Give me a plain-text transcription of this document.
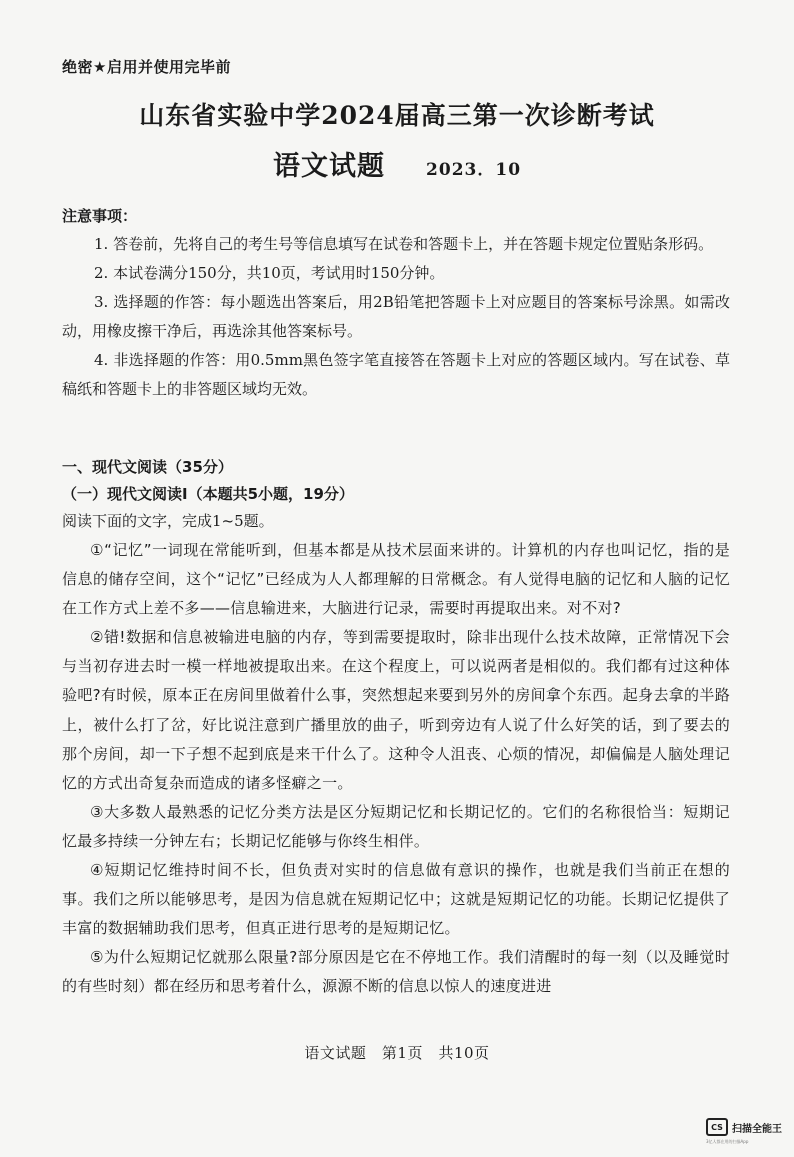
绝密★启用并使用完毕前
山东省实验中学2024届高三第一次诊断考试
语文试题 2023．10
注意事项：

1. 答卷前，先将自己的考生号等信息填写在试卷和答题卡上，并在答题卡规定位置贴条形码。

2. 本试卷满分150分，共10页，考试用时150分钟。

3. 选择题的作答：每小题选出答案后，用2B铅笔把答题卡上对应题目的答案标号涂黑。如需改动，用橡皮擦干净后，再选涂其他答案标号。

4. 非选择题的作答：用0.5mm黑色签字笔直接答在答题卡上对应的答题区域内。写在试卷、草稿纸和答题卡上的非答题区域均无效。

一、现代文阅读（35分）
（一）现代文阅读Ⅰ（本题共5小题，19分）
阅读下面的文字，完成1~5题。

①“记忆”一词现在常能听到，但基本都是从技术层面来讲的。计算机的内存也叫记忆，指的是信息的储存空间，这个“记忆”已经成为人人都理解的日常概念。有人觉得电脑的记忆和人脑的记忆在工作方式上差不多——信息输进来，大脑进行记录，需要时再提取出来。对不对?

②错!数据和信息被输进电脑的内存，等到需要提取时，除非出现什么技术故障，正常情况下会与当初存进去时一模一样地被提取出来。在这个程度上，可以说两者是相似的。我们都有过这种体验吧?有时候，原本正在房间里做着什么事，突然想起来要到另外的房间拿个东西。起身去拿的半路上，被什么打了岔，好比说注意到广播里放的曲子，听到旁边有人说了什么好笑的话，到了要去的那个房间，却一下子想不起到底是来干什么了。这种令人沮丧、心烦的情况，却偏偏是人脑处理记忆的方式出奇复杂而造成的诸多怪癖之一。

③大多数人最熟悉的记忆分类方法是区分短期记忆和长期记忆的。它们的名称很恰当：短期记忆最多持续一分钟左右；长期记忆能够与你终生相伴。

④短期记忆维持时间不长，但负责对实时的信息做有意识的操作，也就是我们当前正在想的事。我们之所以能够思考，是因为信息就在短期记忆中；这就是短期记忆的功能。长期记忆提供了丰富的数据辅助我们思考，但真正进行思考的是短期记忆。

⑤为什么短期记忆就那么限量?部分原因是它在不停地工作。我们清醒时的每一刻（以及睡觉时的有些时刻）都在经历和思考着什么，源源不断的信息以惊人的速度进进

语文试题　第1页　共10页
CS 扫描全能王
3亿人都在用的扫描App
